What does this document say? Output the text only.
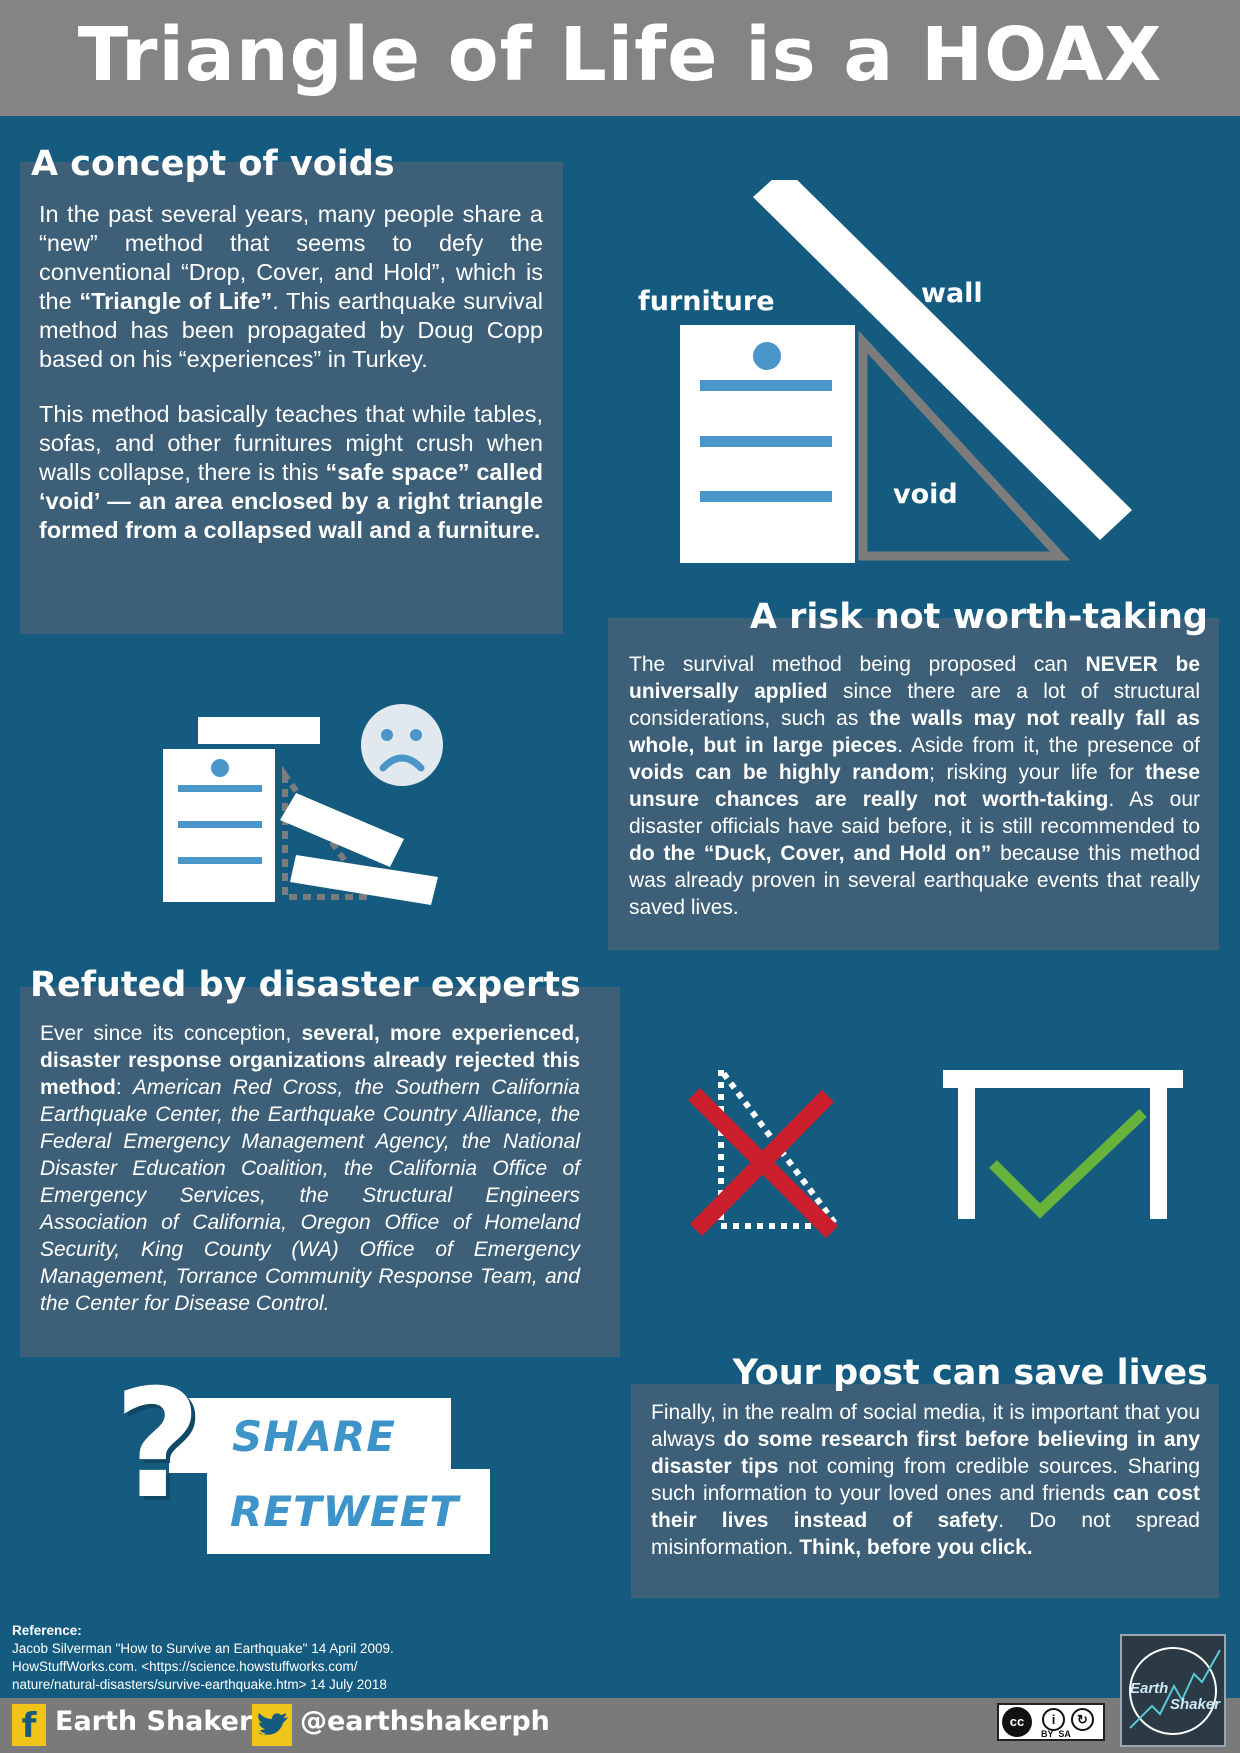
Triangle of Life is a HOAX
A concept of voids

In the past several years, many people share a “new” method that seems to defy the conventional “Drop, Cover, and Hold”, which is the “Triangle of Life”. This earthquake survival method has been propagated by Doug Copp based on his “experiences” in Turkey.

This method basically teaches that while tables, sofas, and other furnitures might crush when walls collapse, there is this “safe space” called ‘void’ — an area enclosed by a right triangle formed from a collapsed wall and a furniture.

furniture	wall
void
A risk not worth-taking

The survival method being proposed can NEVER be universally applied since there are a lot of structural considerations, such as the walls may not really fall as whole, but in large pieces. Aside from it, the presence of voids can be highly random; risking your life for these unsure chances are really not worth-taking. As our disaster officials have said before, it is still recommended to do the “Duck, Cover, and Hold on” because this method was already proven in several earthquake events that really saved lives.

Refuted by disaster experts

Ever since its conception, several, more experienced, disaster response organizations already rejected this method: American Red Cross, the Southern California Earthquake Center, the Earthquake Country Alliance, the Federal Emergency Management Agency, the National Disaster Education Coalition, the California Office of Emergency Services, the Structural Engineers Association of California, Oregon Office of Homeland Security, King County (WA) Office of Emergency Management, Torrance Community Response Team, and the Center for Disease Control.

? SHARE
RETWEET
Your post can save lives

Finally, in the realm of social media, it is important that you always do some research first before believing in any disaster tips not coming from credible sources. Sharing such information to your loved ones and friends can cost their lives instead of safety. Do not spread misinformation. Think, before you click.

Reference:
Jacob Silverman "How to Survive an Earthquake" 14 April 2009.
HowStuffWorks.com. <https://science.howstuffworks.com/
nature/natural-disasters/survive-earthquake.htm> 14 July 2018
f Earth Shaker @earthshakerph	cc	i	↻
BY  SA
Earth
Shaker
